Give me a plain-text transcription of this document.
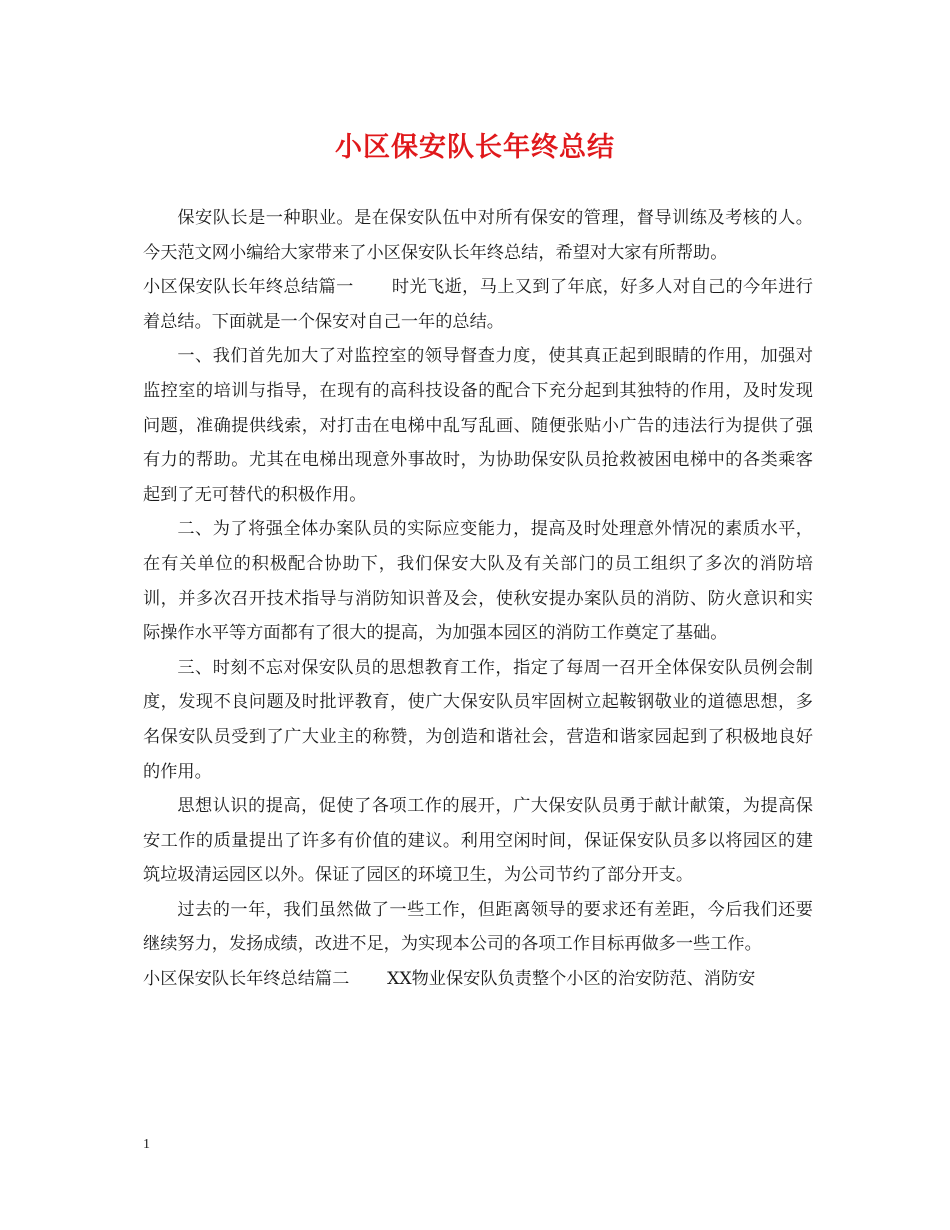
小区保安队长年终总结

保安队长是一种职业。是在保安队伍中对所有保安的管理，督导训练及考核的人。今天范文网小编给大家带来了小区保安队长年终总结，希望对大家有所帮助。

小区保安队长年终总结篇一 时光飞逝，马上又到了年底，好多人对自己的今年进行着总结。下面就是一个保安对自己一年的总结。

一、我们首先加大了对监控室的领导督查力度，使其真正起到眼睛的作用，加强对监控室的培训与指导，在现有的高科技设备的配合下充分起到其独特的作用，及时发现问题，准确提供线索，对打击在电梯中乱写乱画、随便张贴小广告的违法行为提供了强有力的帮助。尤其在电梯出现意外事故时，为协助保安队员抢救被困电梯中的各类乘客起到了无可替代的积极作用。

二、为了将强全体办案队员的实际应变能力，提高及时处理意外情况的素质水平，在有关单位的积极配合协助下，我们保安大队及有关部门的员工组织了多次的消防培训，并多次召开技术指导与消防知识普及会，使秋安提办案队员的消防、防火意识和实际操作水平等方面都有了很大的提高，为加强本园区的消防工作奠定了基础。

三、时刻不忘对保安队员的思想教育工作，指定了每周一召开全体保安队员例会制度，发现不良问题及时批评教育，使广大保安队员牢固树立起鞍钢敬业的道德思想，多名保安队员受到了广大业主的称赞，为创造和谐社会，营造和谐家园起到了积极地良好的作用。

思想认识的提高，促使了各项工作的展开，广大保安队员勇于献计献策，为提高保安工作的质量提出了许多有价值的建议。利用空闲时间，保证保安队员多以将园区的建筑垃圾清运园区以外。保证了园区的环境卫生，为公司节约了部分开支。

过去的一年，我们虽然做了一些工作，但距离领导的要求还有差距，今后我们还要继续努力，发扬成绩，改进不足，为实现本公司的各项工作目标再做多一些工作。

小区保安队长年终总结篇二 XX物业保安队负责整个小区的治安防范、消防安

1
